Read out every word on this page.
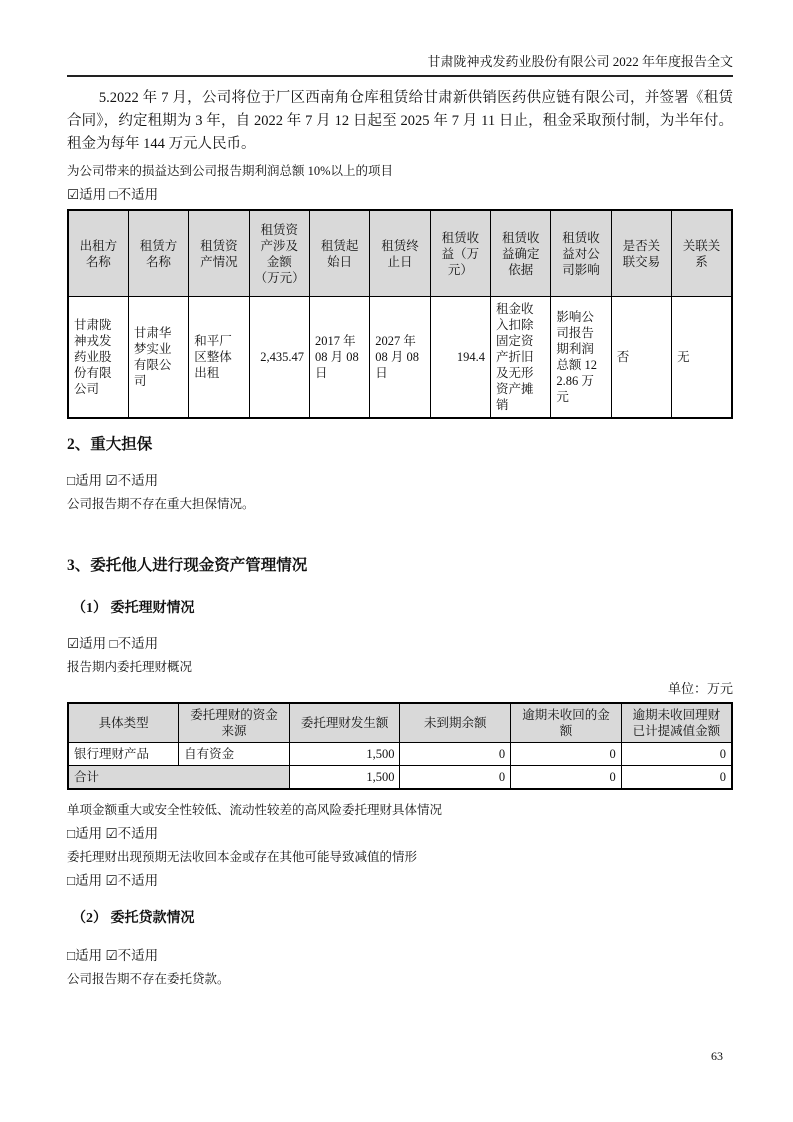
甘肃陇神戎发药业股份有限公司 2022 年年度报告全文
5.2022 年 7 月，公司将位于厂区西南角仓库租赁给甘肃新供销医药供应链有限公司，并签署《租赁合同》，约定租期为 3 年，自 2022 年 7 月 12 日起至 2025 年 7 月 11 日止，租金采取预付制，为半年付。租金为每年 144 万元人民币。
为公司带来的损益达到公司报告期利润总额 10%以上的项目
☑适用 □不适用
出租方名称	租赁方名称	租赁资产情况	租赁资产涉及金额（万元）	租赁起始日	租赁终止日	租赁收益（万元）	租赁收益确定依据	租赁收益对公司影响	是否关联交易	关联关系
甘肃陇神戎发药业股份有限公司	甘肃华梦实业有限公司	和平厂区整体出租	2,435.47	2017 年 08 月 08 日	2027 年 08 月 08 日	194.4	租金收入扣除固定资产折旧及无形资产摊销	影响公司报告期利润总额 122.86 万元	否	无
2、重大担保
□适用 ☑不适用
公司报告期不存在重大担保情况。
3、委托他人进行现金资产管理情况
（1） 委托理财情况
☑适用 □不适用
报告期内委托理财概况
单位：万元
具体类型	委托理财的资金来源	委托理财发生额	未到期余额	逾期未收回的金额	逾期未收回理财已计提减值金额
银行理财产品	自有资金	1,500	0	0	0
合计		1,500	0	0	0
单项金额重大或安全性较低、流动性较差的高风险委托理财具体情况
□适用 ☑不适用
委托理财出现预期无法收回本金或存在其他可能导致减值的情形
□适用 ☑不适用
（2） 委托贷款情况
□适用 ☑不适用
公司报告期不存在委托贷款。
63
